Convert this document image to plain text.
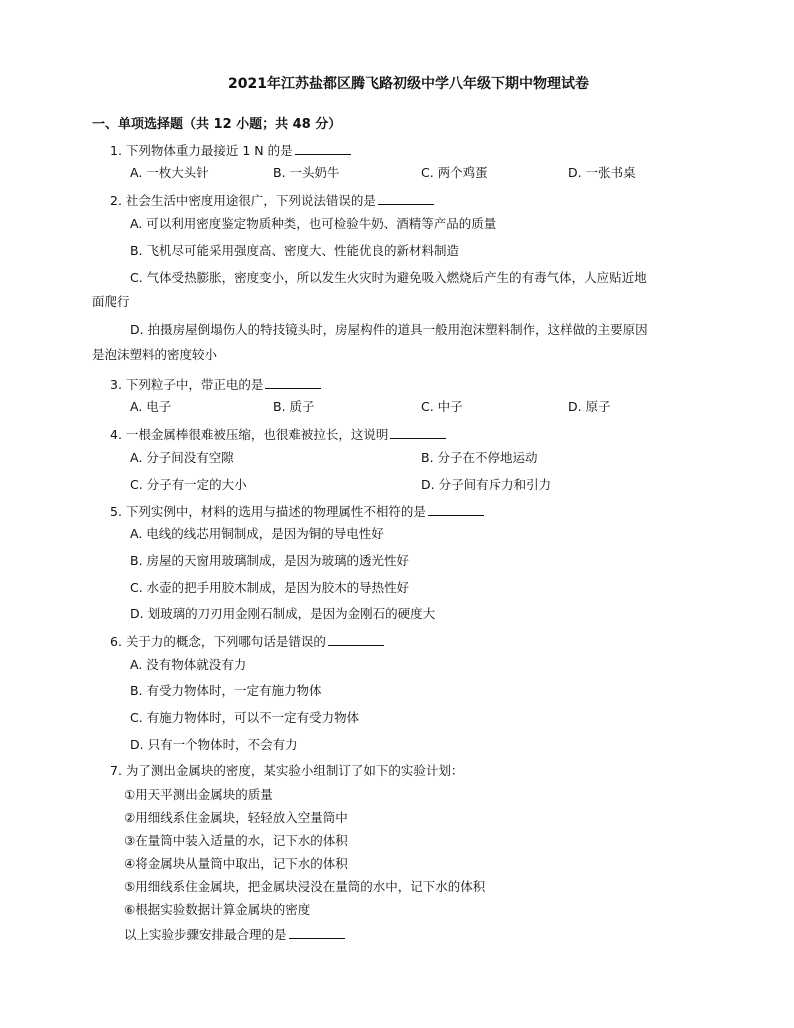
2021年江苏盐都区腾飞路初级中学八年级下期中物理试卷
一、单项选择题（共 12 小题；共 48 分）
1. 下列物体重力最接近 1 N 的是
A. 一枚大头针	B. 一头奶牛	C. 两个鸡蛋	D. 一张书桌
2. 社会生活中密度用途很广，下列说法错误的是
A. 可以利用密度鉴定物质种类，也可检验牛奶、酒精等产品的质量
B. 飞机尽可能采用强度高、密度大、性能优良的新材料制造
C. 气体受热膨胀，密度变小，所以发生火灾时为避免吸入燃烧后产生的有毒气体，人应贴近地
面爬行
D. 拍摄房屋倒塌伤人的特技镜头时，房屋构件的道具一般用泡沫塑料制作，这样做的主要原因
是泡沫塑料的密度较小
3. 下列粒子中，带正电的是
A. 电子	B. 质子	C. 中子	D. 原子
4. 一根金属棒很难被压缩，也很难被拉长，这说明
A. 分子间没有空隙	B. 分子在不停地运动
C. 分子有一定的大小	D. 分子间有斥力和引力
5. 下列实例中，材料的选用与描述的物理属性不相符的是
A. 电线的线芯用铜制成，是因为铜的导电性好
B. 房屋的天窗用玻璃制成，是因为玻璃的透光性好
C. 水壶的把手用胶木制成，是因为胶木的导热性好
D. 划玻璃的刀刃用金刚石制成，是因为金刚石的硬度大
6. 关于力的概念，下列哪句话是错误的
A. 没有物体就没有力
B. 有受力物体时，一定有施力物体
C. 有施力物体时，可以不一定有受力物体
D. 只有一个物体时，不会有力
7. 为了测出金属块的密度，某实验小组制订了如下的实验计划：
①用天平测出金属块的质量
②用细线系住金属块，轻轻放入空量筒中
③在量筒中装入适量的水，记下水的体积
④将金属块从量筒中取出，记下水的体积
⑤用细线系住金属块，把金属块浸没在量筒的水中，记下水的体积
⑥根据实验数据计算金属块的密度
以上实验步骤安排最合理的是
